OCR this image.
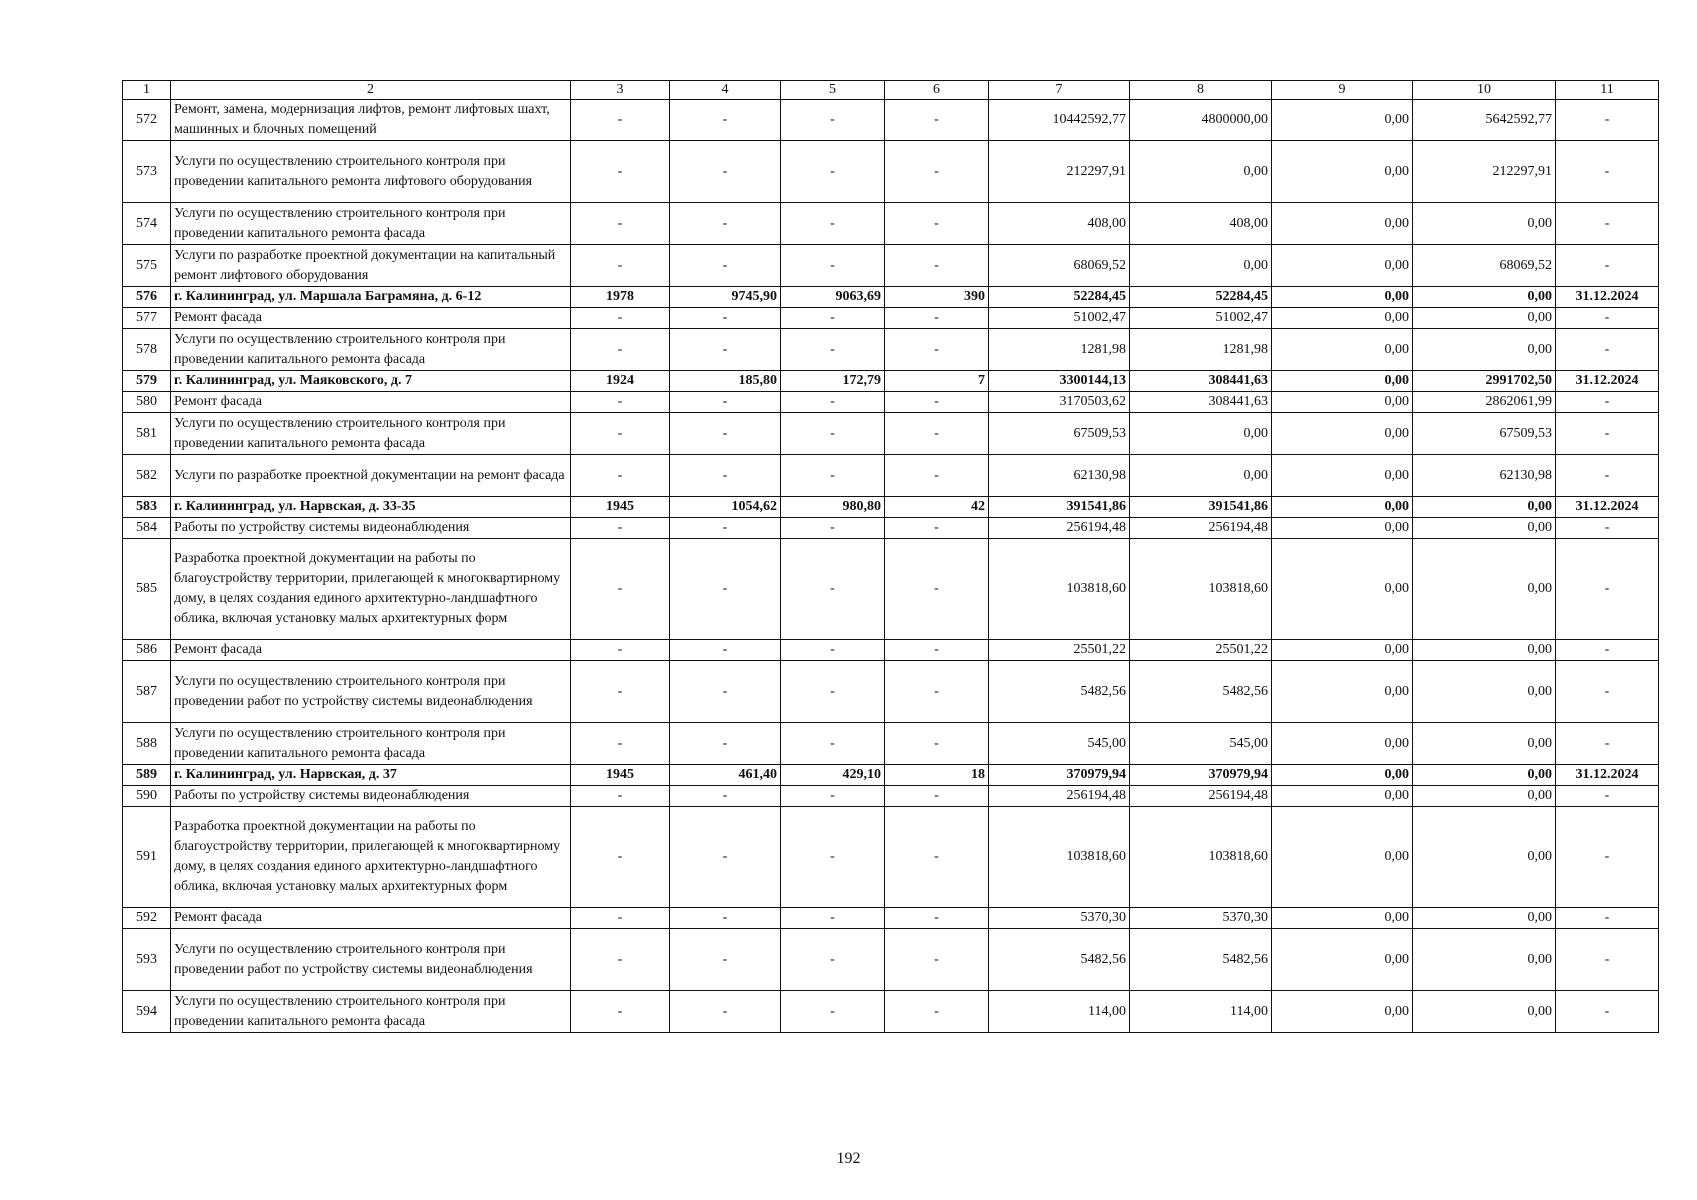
1	2	3	4	5	6	7	8	9	10	11
572	Ремонт, замена, модернизация лифтов, ремонт лифтовых шахт, машинных и блочных помещений	-	-	-	-	10442592,77	4800000,00	0,00	5642592,77	-
573	Услуги по осуществлению строительного контроля при проведении капитального ремонта лифтового оборудования	-	-	-	-	212297,91	0,00	0,00	212297,91	-
574	Услуги по осуществлению строительного контроля при проведении капитального ремонта фасада	-	-	-	-	408,00	408,00	0,00	0,00	-
575	Услуги по разработке проектной документации на капитальный ремонт лифтового оборудования	-	-	-	-	68069,52	0,00	0,00	68069,52	-
576	г. Калининград, ул. Маршала Баграмяна, д. 6-12	1978	9745,90	9063,69	390	52284,45	52284,45	0,00	0,00	31.12.2024
577	Ремонт фасада	-	-	-	-	51002,47	51002,47	0,00	0,00	-
578	Услуги по осуществлению строительного контроля при проведении капитального ремонта фасада	-	-	-	-	1281,98	1281,98	0,00	0,00	-
579	г. Калининград, ул. Маяковского, д. 7	1924	185,80	172,79	7	3300144,13	308441,63	0,00	2991702,50	31.12.2024
580	Ремонт фасада	-	-	-	-	3170503,62	308441,63	0,00	2862061,99	-
581	Услуги по осуществлению строительного контроля при проведении капитального ремонта фасада	-	-	-	-	67509,53	0,00	0,00	67509,53	-
582	Услуги по разработке проектной документации на ремонт фасада	-	-	-	-	62130,98	0,00	0,00	62130,98	-
583	г. Калининград, ул. Нарвская, д. 33-35	1945	1054,62	980,80	42	391541,86	391541,86	0,00	0,00	31.12.2024
584	Работы по устройству системы видеонаблюдения	-	-	-	-	256194,48	256194,48	0,00	0,00	-
585	Разработка проектной документации на работы по благоустройству территории, прилегающей к многоквартирному дому, в целях создания единого архитектурно-ландшафтного облика, включая установку малых архитектурных форм	-	-	-	-	103818,60	103818,60	0,00	0,00	-
586	Ремонт фасада	-	-	-	-	25501,22	25501,22	0,00	0,00	-
587	Услуги по осуществлению строительного контроля при проведении работ по устройству системы видеонаблюдения	-	-	-	-	5482,56	5482,56	0,00	0,00	-
588	Услуги по осуществлению строительного контроля при проведении капитального ремонта фасада	-	-	-	-	545,00	545,00	0,00	0,00	-
589	г. Калининград, ул. Нарвская, д. 37	1945	461,40	429,10	18	370979,94	370979,94	0,00	0,00	31.12.2024
590	Работы по устройству системы видеонаблюдения	-	-	-	-	256194,48	256194,48	0,00	0,00	-
591	Разработка проектной документации на работы по благоустройству территории, прилегающей к многоквартирному дому, в целях создания единого архитектурно-ландшафтного облика, включая установку малых архитектурных форм	-	-	-	-	103818,60	103818,60	0,00	0,00	-
592	Ремонт фасада	-	-	-	-	5370,30	5370,30	0,00	0,00	-
593	Услуги по осуществлению строительного контроля при проведении работ по устройству системы видеонаблюдения	-	-	-	-	5482,56	5482,56	0,00	0,00	-
594	Услуги по осуществлению строительного контроля при проведении капитального ремонта фасада	-	-	-	-	114,00	114,00	0,00	0,00	-
192
